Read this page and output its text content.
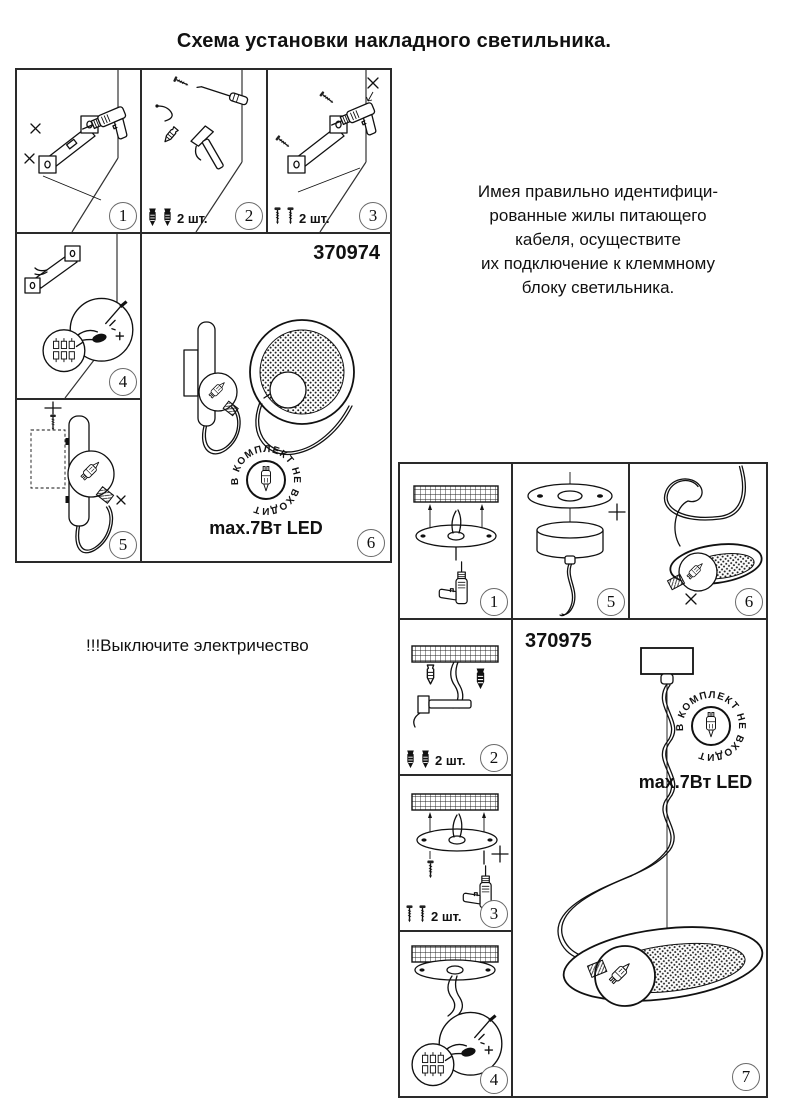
Схема установки накладного светильника.
1	2 шт.	2	2 шт.	3
4
5
370974
В КОМПЛЕКТ НЕ ВХОДИТ
max.7Вт LED
6
Имея правильно идентифици-
рованные жилы питающего
кабеля, осуществите
их подключение к клеммному
блоку светильника.
!!!Выключите электричество
1	5	6
2 шт.	2
2 шт.	3
4
370975
В КОМПЛЕКТ НЕ ВХОДИТ
max.7Вт LED
7
